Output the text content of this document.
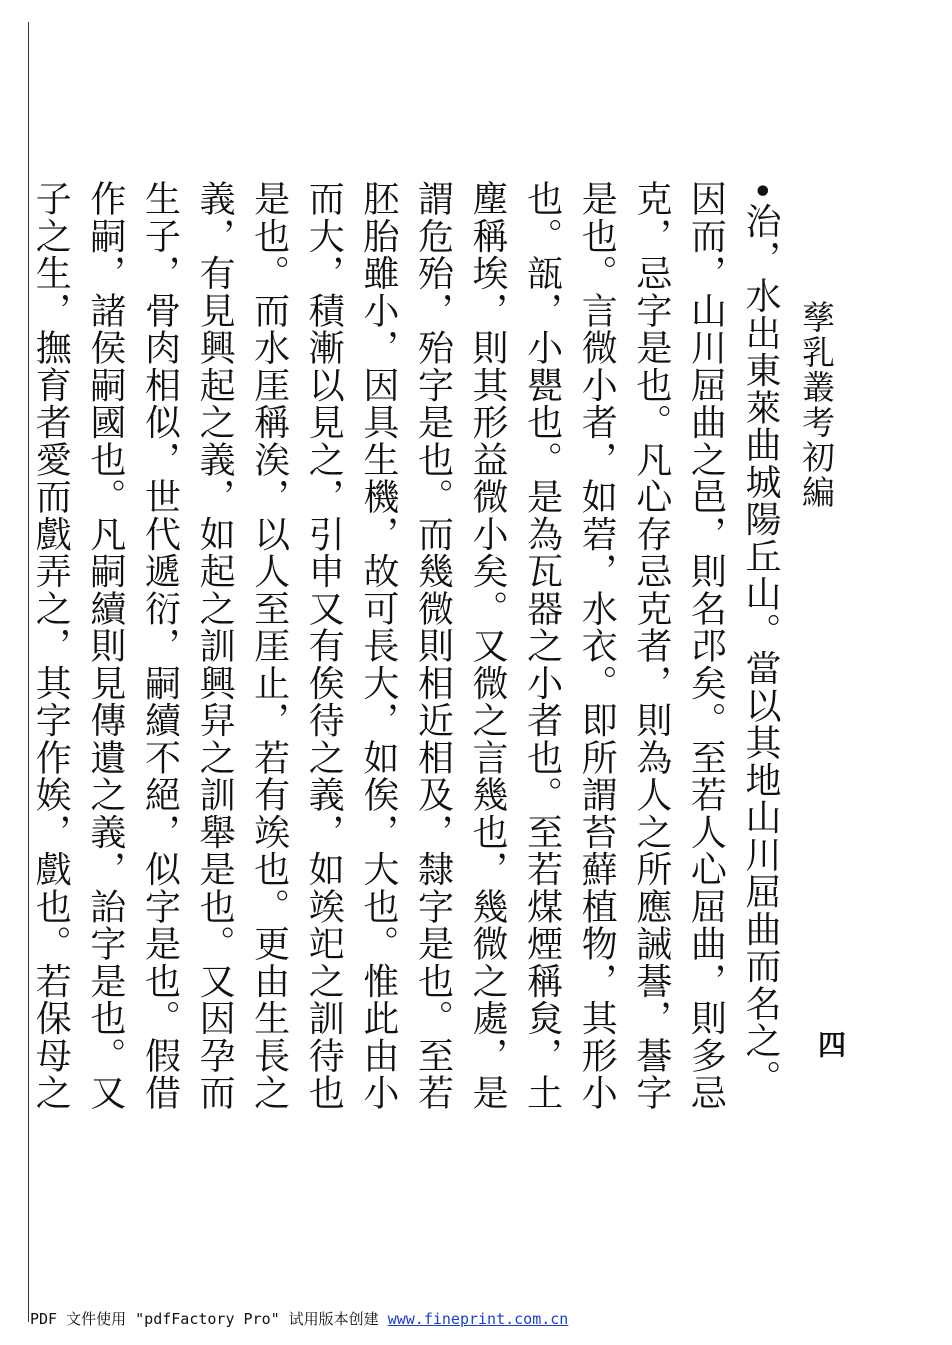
四
孳乳叢考初編
•治，水出東萊曲城陽丘山。當以其地山川屈曲而名之。
因而，山川屈曲之邑，則名邔矣。至若人心屈曲，則多忌
克，忌字是也。凡心存忌克者，則為人之所應誡諅，諅字
是也。言微小者，如菪，水衣。即所謂苔蘚植物，其形小
也。瓿，小甖也。是為瓦器之小者也。至若煤煙稱炱，土
塵稱埃，則其形益微小矣。又微之言幾也，幾微之處，是
謂危殆，殆字是也。而幾微則相近相及，隸字是也。至若
胚胎雖小，因具生機，故可長大，如俟，大也。惟此由小
而大，積漸以見之，引申又有俟待之義，如竢䇃之訓待也
是也。而水厓稱涘，以人至厓止，若有竢也。更由生長之
義，有見興起之義，如起之訓興舁之訓舉是也。又因孕而
生子，骨肉相似，世代遞衍，嗣續不絕，似字是也。假借
作嗣，諸侯嗣國也。凡嗣續則見傳遺之義，詒字是也。又
子之生，撫育者愛而戲弄之，其字作娭，戲也。若保母之
PDF 文件使用 "pdfFactory Pro" 试用版本创建 www.fineprint.com.cn
